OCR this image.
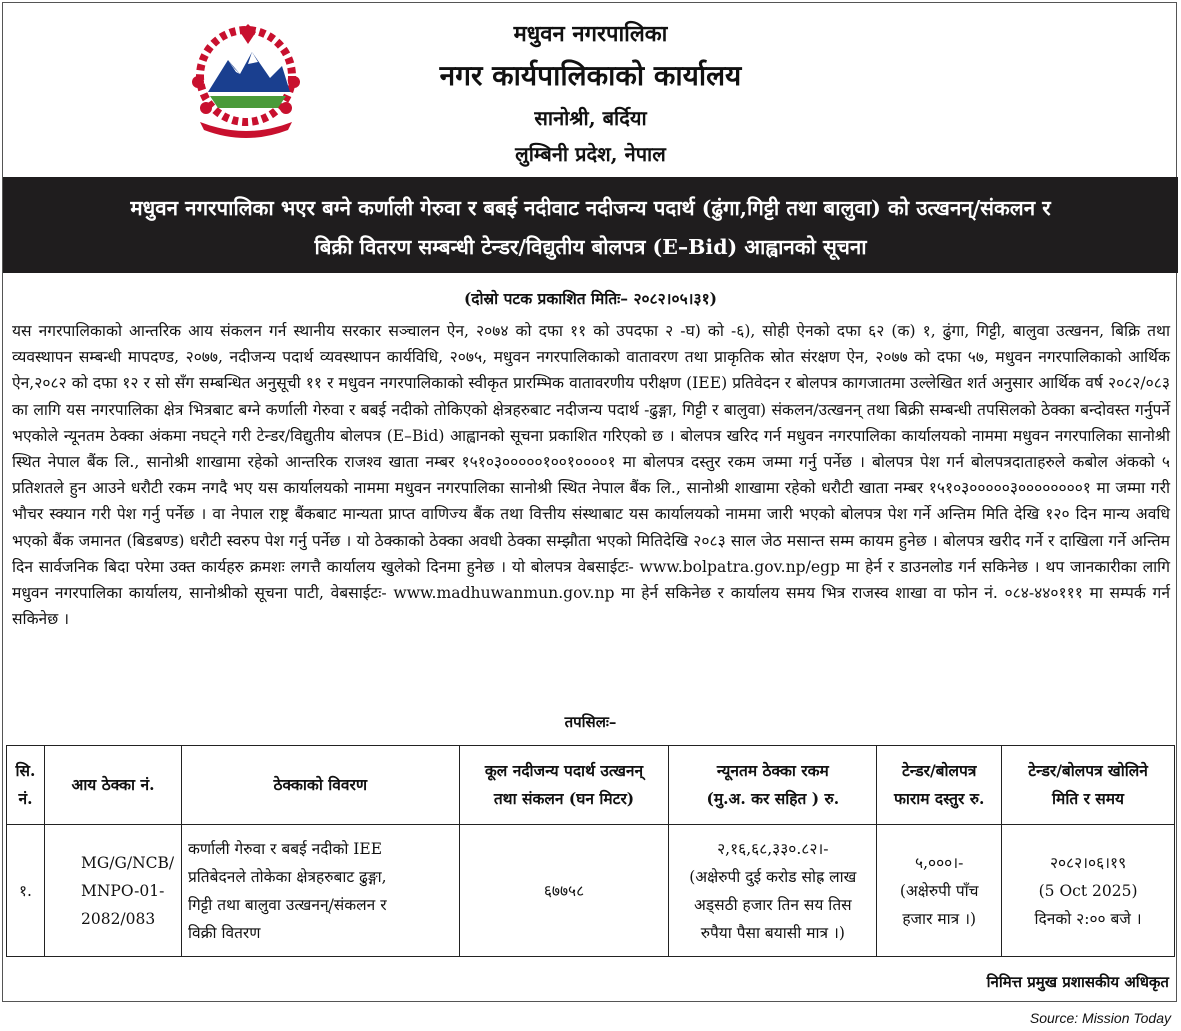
मधुवन नगरपालिका
नगर कार्यपालिकाको कार्यालय
सानोश्री, बर्दिया
लुम्बिनी प्रदेश, नेपाल
मधुवन नगरपालिका भएर बग्ने कर्णाली गेरुवा र बबई नदीवाट नदीजन्य पदार्थ (ढुंगा,गिट्टी तथा बालुवा) को उत्खनन्/संकलन र
बिक्री वितरण सम्बन्धी टेन्डर/विद्युतीय बोलपत्र (E–Bid) आह्वानको सूचना
(दोस्रो पटक प्रकाशित मितिः– २०८२।०५।३१)

यस नगरपालिकाको आन्तरिक आय संकलन गर्न स्थानीय सरकार सञ्चालन ऐन, २०७४ को दफा ११ को उपदफा २ -घ) को -६), सोही ऐनको दफा ६२ (क) १, ढुंगा, गिट्टी, बालुवा उत्खनन, बिक्रि तथा व्यवस्थापन सम्बन्धी मापदण्ड, २०७७, नदीजन्य पदार्थ व्यवस्थापन कार्यविधि, २०७५, मधुवन नगरपालिकाको वातावरण तथा प्राकृतिक स्रोत संरक्षण ऐन, २०७७ को दफा ५७, मधुवन नगरपालिकाको आर्थिक ऐन,२०८२ को दफा १२ र सो सँग सम्बन्धित अनुसूची ११ र मधुवन नगरपालिकाको स्वीकृत प्रारम्भिक वातावरणीय परीक्षण (IEE) प्रतिवेदन र बोलपत्र कागजातमा उल्लेखित शर्त अनुसार आर्थिक वर्ष २०८२/०८३ का लागि यस नगरपालिका क्षेत्र भित्रबाट बग्ने कर्णाली गेरुवा र बबई नदीको तोकिएको क्षेत्रहरुबाट नदीजन्य पदार्थ -ढुङ्गा, गिट्टी र बालुवा) संकलन/उत्खनन् तथा बिक्री सम्बन्धी तपसिलको ठेक्का बन्दोवस्त गर्नुपर्ने भएकोले न्यूनतम ठेक्का अंकमा नघट्ने गरी टेन्डर/विद्युतीय बोलपत्र (E–Bid) आह्वानको सूचना प्रकाशित गरिएको छ । बोलपत्र खरिद गर्न मधुवन नगरपालिका कार्यालयको नाममा मधुवन नगरपालिका सानोश्री स्थित नेपाल बैंक लि., सानोश्री शाखामा रहेको आन्तरिक राजश्व खाता नम्बर १५१०३०००००१००१००००१ मा बोलपत्र दस्तुर रकम जम्मा गर्नु पर्नेछ । बोलपत्र पेश गर्न बोलपत्रदाताहरुले कबोल अंकको ५ प्रतिशतले हुन आउने धरौटी रकम नगदै भए यस कार्यालयको नाममा मधुवन नगरपालिका सानोश्री स्थित नेपाल बैंक लि., सानोश्री शाखामा रहेको धरौटी खाता नम्बर १५१०३०००००३००००००००१ मा जम्मा गरी भौचर स्क्यान गरी पेश गर्नु पर्नेछ । वा नेपाल राष्ट्र बैंकबाट मान्यता प्राप्त वाणिज्य बैंक तथा वित्तीय संस्थाबाट यस कार्यालयको नाममा जारी भएको बोलपत्र पेश गर्ने अन्तिम मिति देखि १२० दिन मान्य अवधि भएको बैंक जमानत (बिडबण्ड) धरौटी स्वरुप पेश गर्नु पर्नेछ । यो ठेक्काको ठेक्का अवधी ठेक्का सम्झौता भएको मितिदेखि २०८३ साल जेठ मसान्त सम्म कायम हुनेछ । बोलपत्र खरीद गर्ने र दाखिला गर्ने अन्तिम दिन सार्वजनिक बिदा परेमा उक्त कार्यहरु क्रमशः लगत्तै कार्यालय खुलेको दिनमा हुनेछ । यो बोलपत्र वेबसाईटः- www.bolpatra.gov.np/egp मा हेर्न र डाउनलोड गर्न सकिनेछ । थप जानकारीका लागि मधुवन नगरपालिका कार्यालय, सानोश्रीको सूचना पाटी, वेबसाईटः- www.madhuwanmun.gov.np मा हेर्न सकिनेछ र कार्यालय समय भित्र राजस्व शाखा वा फोन नं. ०८४-४४०१११ मा सम्पर्क गर्न सकिनेछ ।

तपसिलः–
सि.
नं.	आय ठेक्का नं.	ठेक्काको विवरण	कूल नदीजन्य पदार्थ उत्खनन्
तथा संकलन (घन मिटर)	न्यूनतम ठेक्का रकम
(मु.अ. कर सहित ) रु.	टेन्डर/बोलपत्र
फाराम दस्तुर रु.	टेन्डर/बोलपत्र खोलिने
मिति र समय
१.	MG/G/NCB/
MNPO-01-
2082/083	कर्णाली गेरुवा र बबई नदीको IEE
प्रतिबेदनले तोकेका क्षेत्रहरुबाट ढुङ्गा,
गिट्टी तथा बालुवा उत्खनन्/संकलन र
विक्री वितरण	६७७५८	२,१६,६८,३३०.८२।-
(अक्षेरुपी दुई करोड सोह्र लाख
अड्सठी हजार तिन सय तिस
रुपैया पैसा बयासी मात्र ।)	५,०००।-
(अक्षेरुपी पाँच
हजार मात्र ।)	२०८२।०६।१९
(5 Oct 2025)
दिनको २:०० बजे ।
निमित्त प्रमुख प्रशासकीय अधिकृत
Source: Mission Today
